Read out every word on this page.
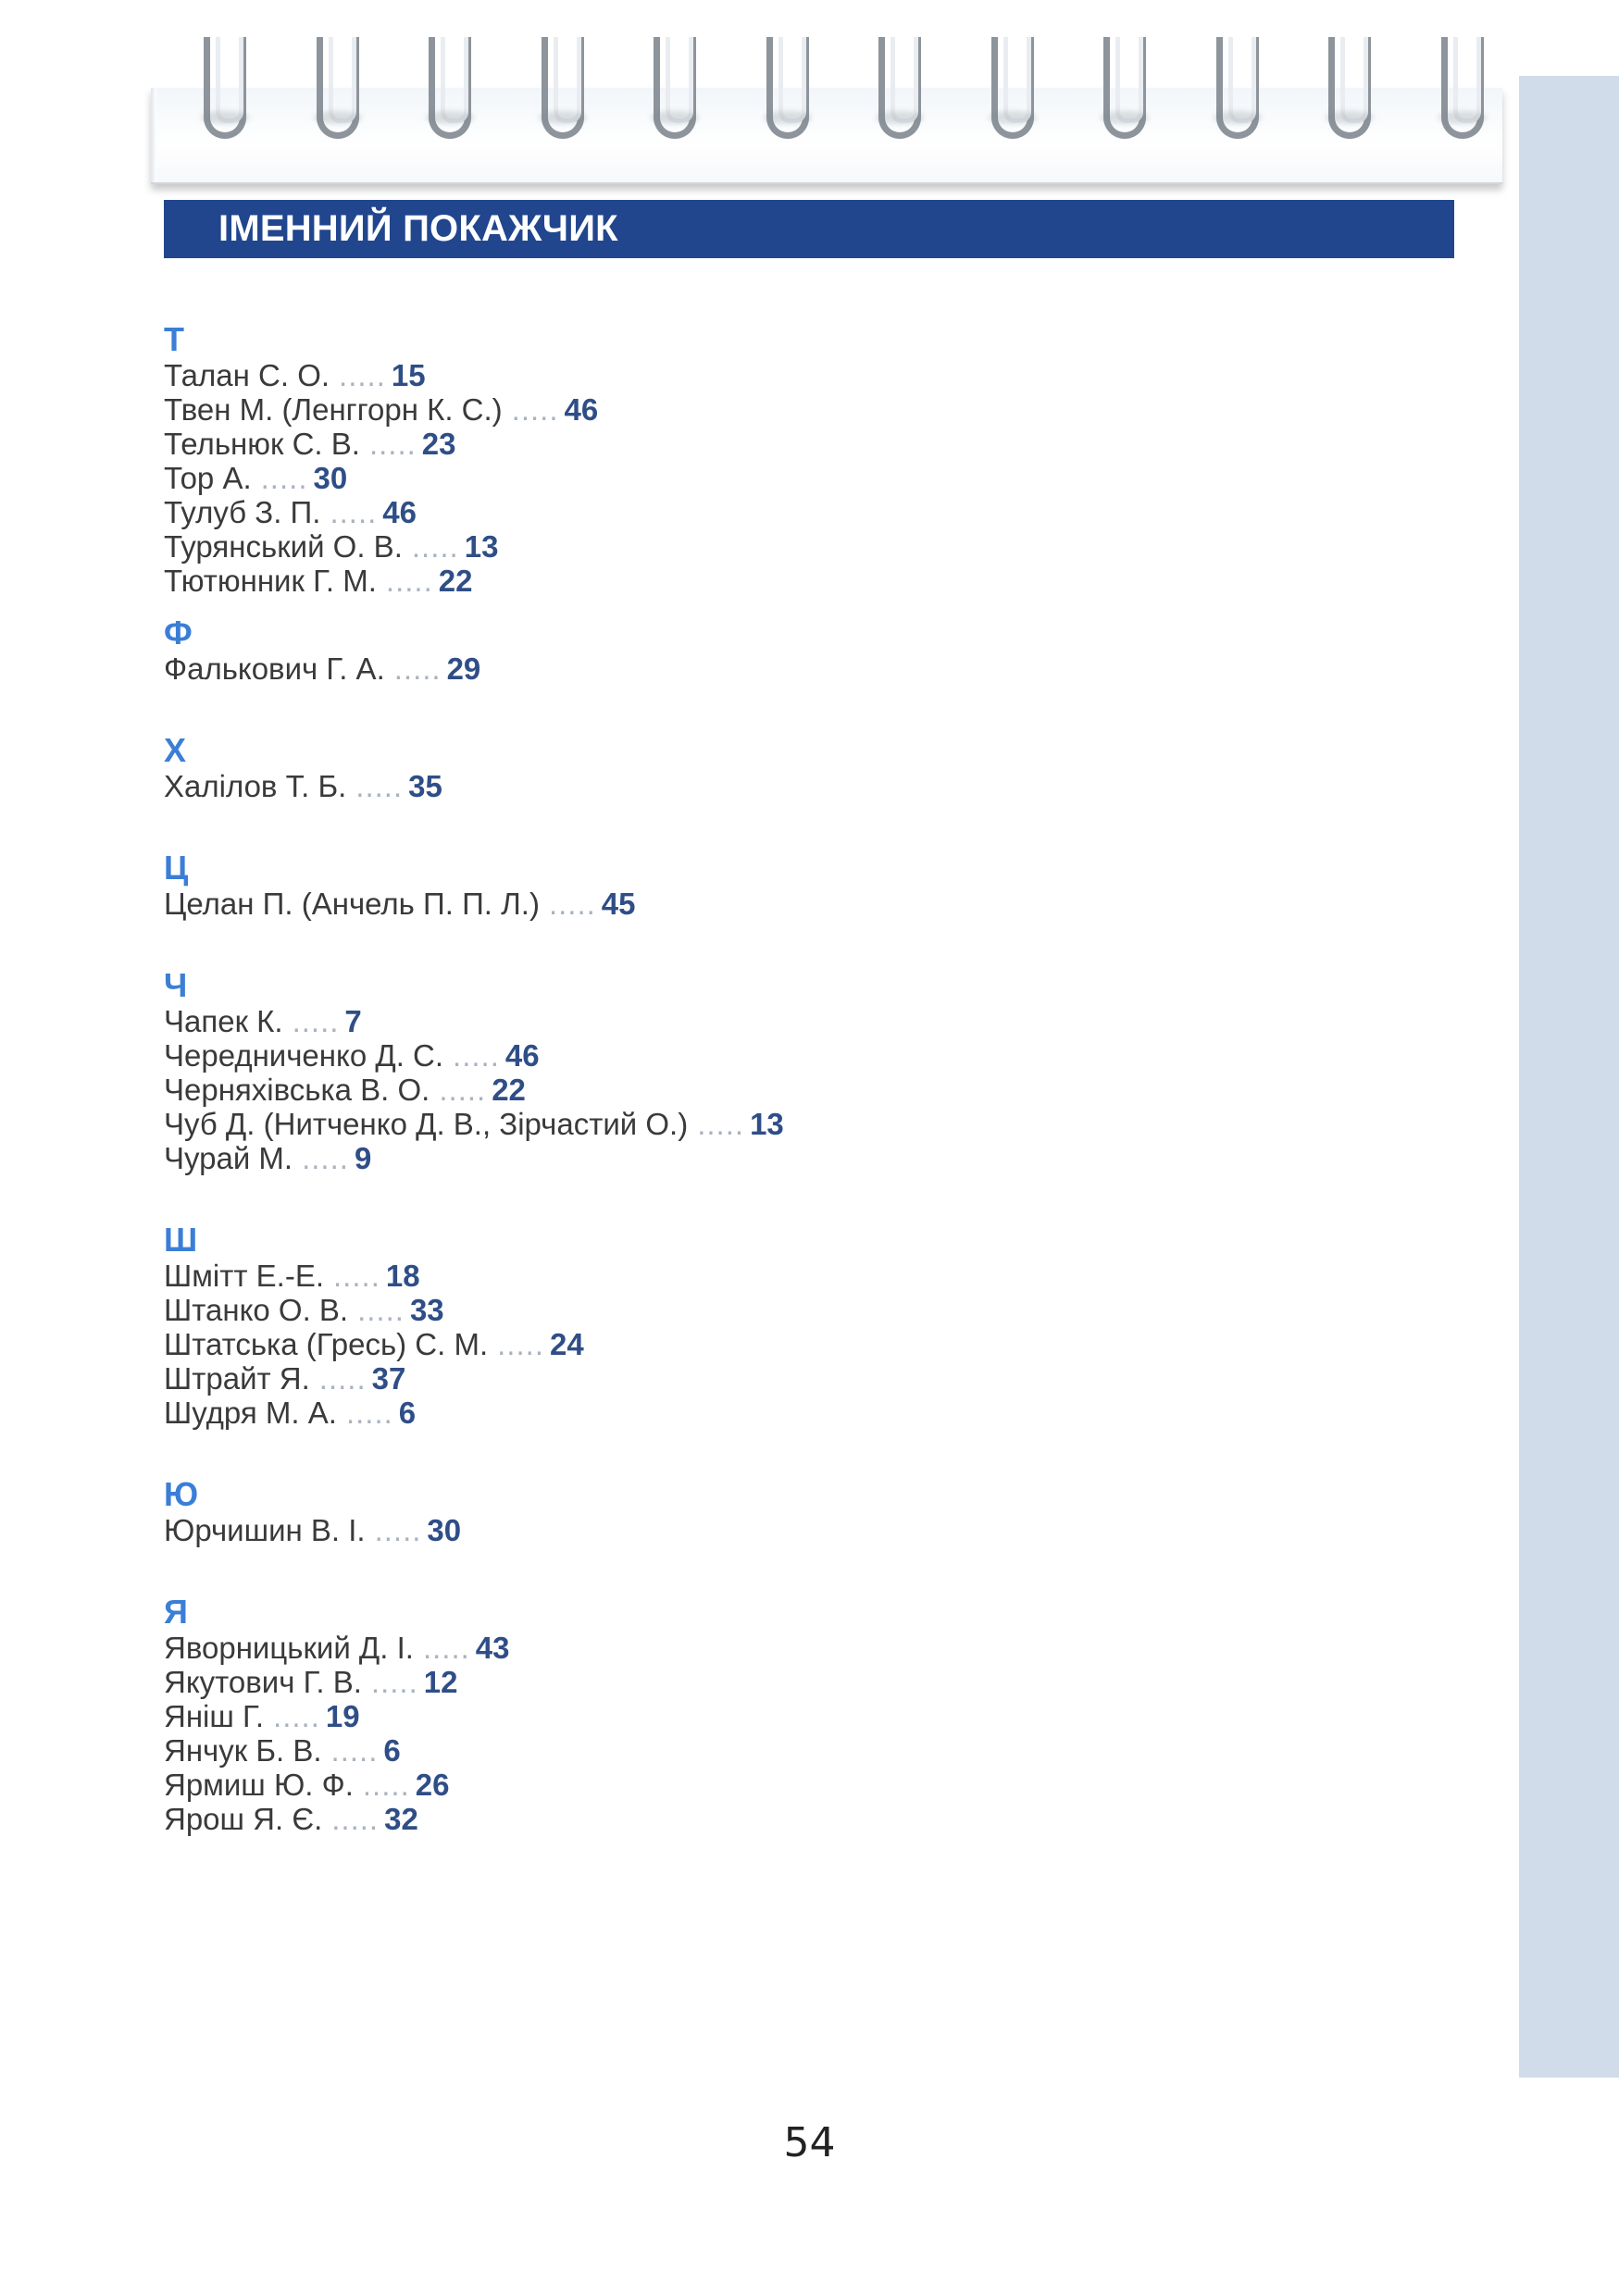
ІМЕННИЙ ПОКАЖЧИК
Т
Талан С. О. ..... 15
Твен М. (Ленггорн К. С.) ..... 46
Тельнюк С. В. ..... 23
Тор А. ..... 30
Тулуб З. П. ..... 46
Турянський О. В. ..... 13
Тютюнник Г. М. ..... 22
Ф
Фалькович Г. А. ..... 29
Х
Халілов Т. Б. ..... 35
Ц
Целан П. (Анчель П. П. Л.) ..... 45
Ч
Чапек К. ..... 7
Чередниченко Д. С. ..... 46
Черняхівська В. О. ..... 22
Чуб Д. (Нитченко Д. В., Зірчастий О.) ..... 13
Чурай М. ..... 9
Ш
Шмітт Е.-Е. ..... 18
Штанко О. В. ..... 33
Штатська (Гресь) С. М. ..... 24
Штрайт Я. ..... 37
Шудря М. А. ..... 6
Ю
Юрчишин В. І. ..... 30
Я
Яворницький Д. І. ..... 43
Якутович Г. В. ..... 12
Яніш Г. ..... 19
Янчук Б. В. ..... 6
Ярмиш Ю. Ф. ..... 26
Ярош Я. Є. ..... 32
54
